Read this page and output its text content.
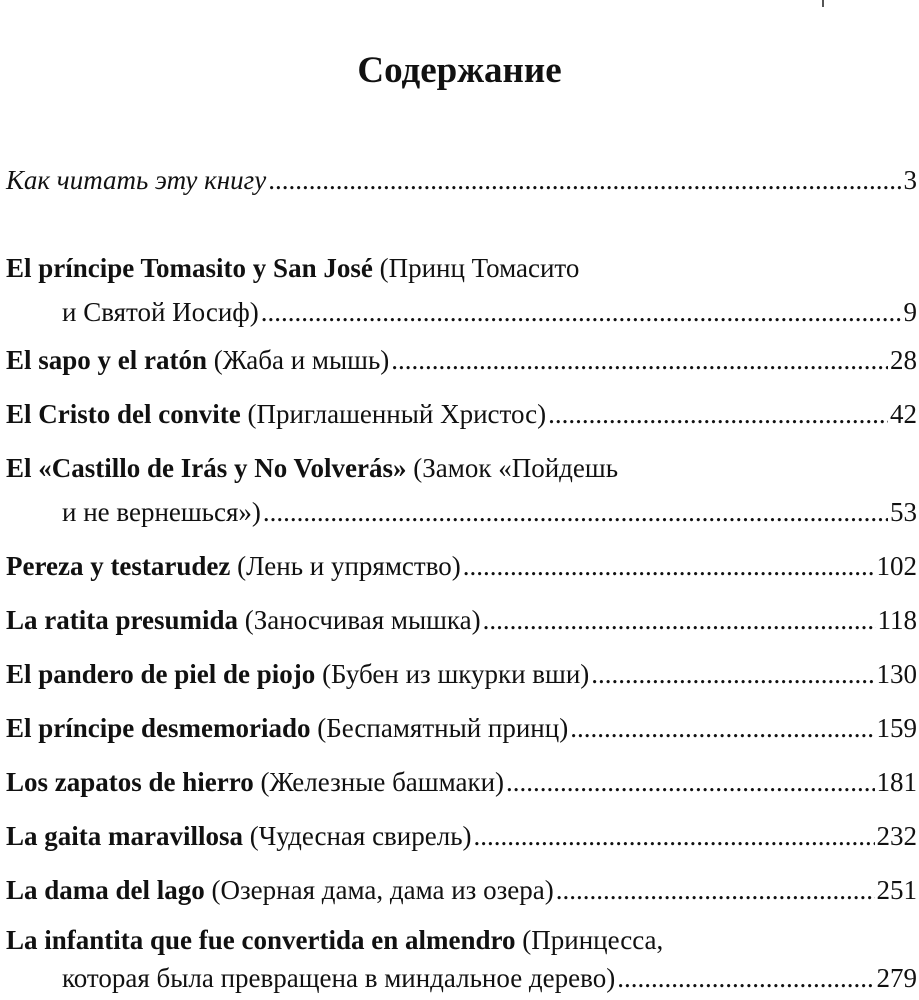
Содержание
Как читать эту книгу .....	3
El príncipe Tomasito y San José (Принц Томасито
и Святой Иосиф) .....	9
El sapo y el ratón
(Жаба и мышь) .....	28
El Cristo del convite
(Приглашенный Христос) .....	42
El «Castillo de Irás y No Volverás» (Замок «Пойдешь
и не вернешься») .....	53
Pereza y testarudez
(Лень и упрямство) .....	102
La ratita presumida
(Заносчивая мышка) .....	118
El pandero de piel de piojo
(Бубен из шкурки вши) .....	130
El príncipe desmemoriado
(Беспамятный принц) .....	159
Los zapatos de hierro
(Железные башмаки) .....	181
La gaita maravillosa
(Чудесная свирель) .....	232
La dama del lago
(Озерная дама, дама из озера) .....	251
La infantita que fue convertida en almendro (Принцесса,
которая была превращена в миндальное дерево) .....	279
